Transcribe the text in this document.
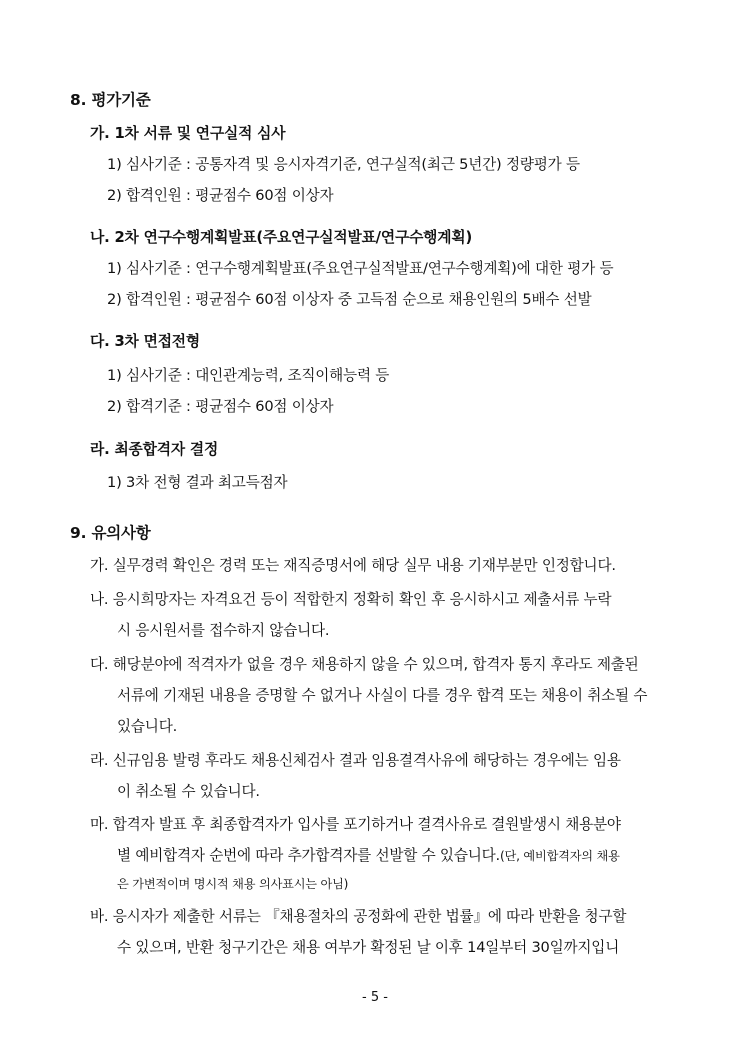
8. 평가기준
가. 1차 서류 및 연구실적 심사
1) 심사기준 : 공통자격 및 응시자격기준, 연구실적(최근 5년간) 정량평가 등
2) 합격인원 : 평균점수 60점 이상자
나. 2차 연구수행계획발표(주요연구실적발표/연구수행계획)
1) 심사기준 : 연구수행계획발표(주요연구실적발표/연구수행계획)에 대한 평가 등
2) 합격인원 : 평균점수 60점 이상자 중 고득점 순으로 채용인원의 5배수 선발
다. 3차 면접전형
1) 심사기준 : 대인관계능력, 조직이해능력 등
2) 합격기준 : 평균점수 60점 이상자
라. 최종합격자 결정
1) 3차 전형 결과 최고득점자
9. 유의사항
가. 실무경력 확인은 경력 또는 재직증명서에 해당 실무 내용 기재부분만 인정합니다.
나. 응시희망자는 자격요건 등이 적합한지 정확히 확인 후 응시하시고 제출서류 누락
시 응시원서를 접수하지 않습니다.
다. 해당분야에 적격자가 없을 경우 채용하지 않을 수 있으며, 합격자 통지 후라도 제출된
서류에 기재된 내용을 증명할 수 없거나 사실이 다를 경우 합격 또는 채용이 취소될 수
있습니다.
라. 신규임용 발령 후라도 채용신체검사 결과 임용결격사유에 해당하는 경우에는 임용
이 취소될 수 있습니다.
마. 합격자 발표 후 최종합격자가 입사를 포기하거나 결격사유로 결원발생시 채용분야
별 예비합격자 순번에 따라 추가합격자를 선발할 수 있습니다.(단, 예비합격자의 채용
은 가변적이며 명시적 채용 의사표시는 아님)
바. 응시자가 제출한 서류는 『채용절차의 공정화에 관한 법률』에 따라 반환을 청구할
수 있으며, 반환 청구기간은 채용 여부가 확정된 날 이후 14일부터 30일까지입니
- 5 -
